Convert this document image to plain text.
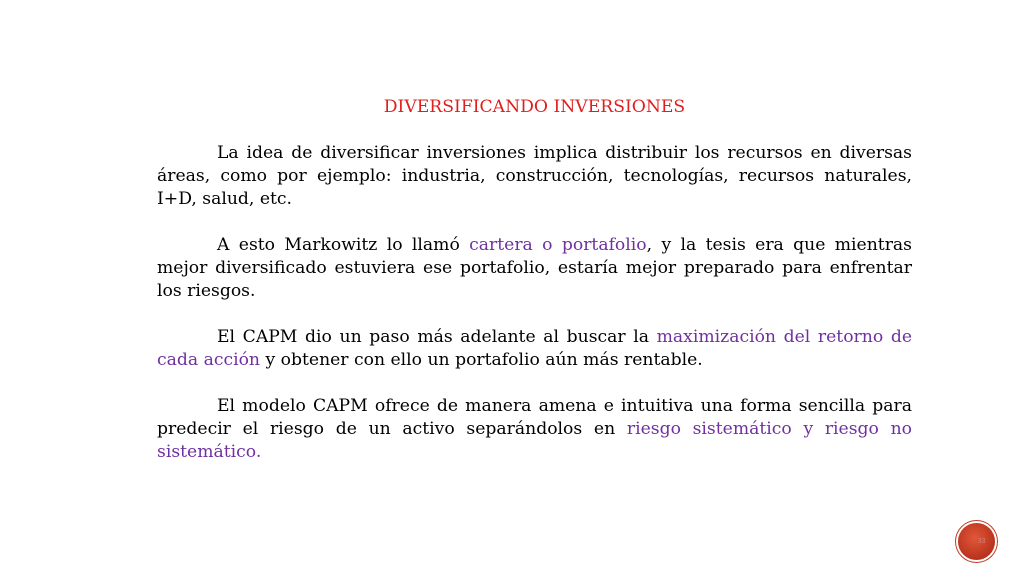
DIVERSIFICANDO INVERSIONES

La idea de diversificar inversiones implica distribuir los recursos en diversas áreas, como por ejemplo: industria, construcción, tecnologías, recursos naturales, I+D, salud, etc.

A esto Markowitz lo llamó cartera o portafolio, y la tesis era que mientras mejor diversificado estuviera ese portafolio, estaría mejor preparado para enfrentar los riesgos.

El CAPM dio un paso más adelante al buscar la maximización del retorno de cada acción y obtener con ello un portafolio aún más rentable.

El modelo CAPM ofrece de manera amena e intuitiva una forma sencilla para predecir el riesgo de un activo separándolos en riesgo sistemático y riesgo no sistemático.

33
